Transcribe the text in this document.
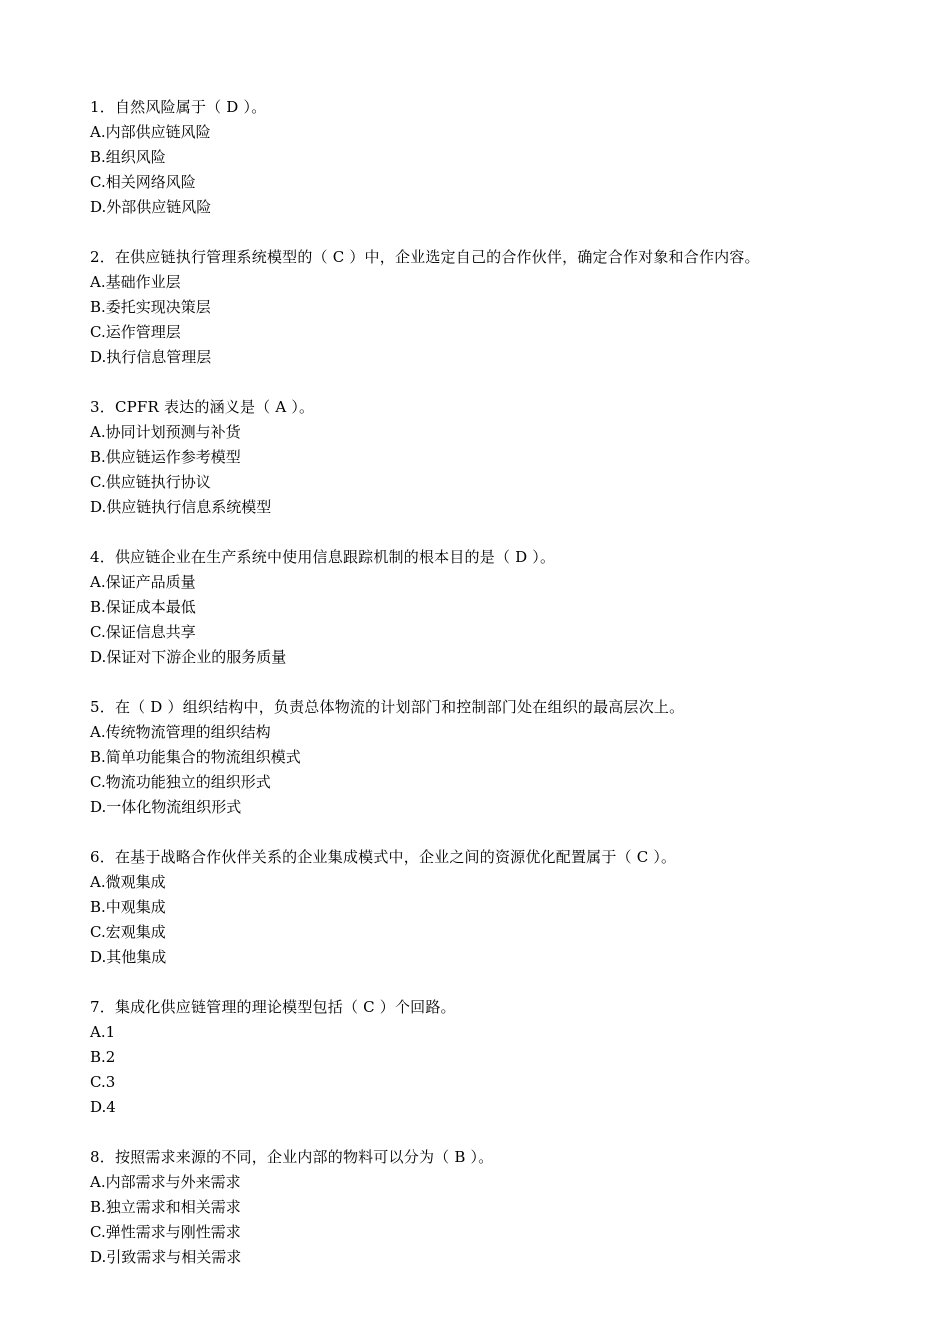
1．自然风险属于（ D ）。
A.内部供应链风险
B.组织风险
C.相关网络风险
D.外部供应链风险
2．在供应链执行管理系统模型的（ C ）中，企业选定自己的合作伙伴，确定合作对象和合作内容。
A.基础作业层
B.委托实现决策层
C.运作管理层
D.执行信息管理层
3．CPFR 表达的涵义是（ A ）。
A.协同计划预测与补货
B.供应链运作参考模型
C.供应链执行协议
D.供应链执行信息系统模型
4．供应链企业在生产系统中使用信息跟踪机制的根本目的是（ D ）。
A.保证产品质量
B.保证成本最低
C.保证信息共享
D.保证对下游企业的服务质量
5．在（ D ）组织结构中，负责总体物流的计划部门和控制部门处在组织的最高层次上。
A.传统物流管理的组织结构
B.简单功能集合的物流组织模式
C.物流功能独立的组织形式
D.一体化物流组织形式
6．在基于战略合作伙伴关系的企业集成模式中，企业之间的资源优化配置属于（ C ）。
A.微观集成
B.中观集成
C.宏观集成
D.其他集成
7．集成化供应链管理的理论模型包括（ C ）个回路。
A.1
B.2
C.3
D.4
8．按照需求来源的不同，企业内部的物料可以分为（ B ）。
A.内部需求与外来需求
B.独立需求和相关需求
C.弹性需求与刚性需求
D.引致需求与相关需求
